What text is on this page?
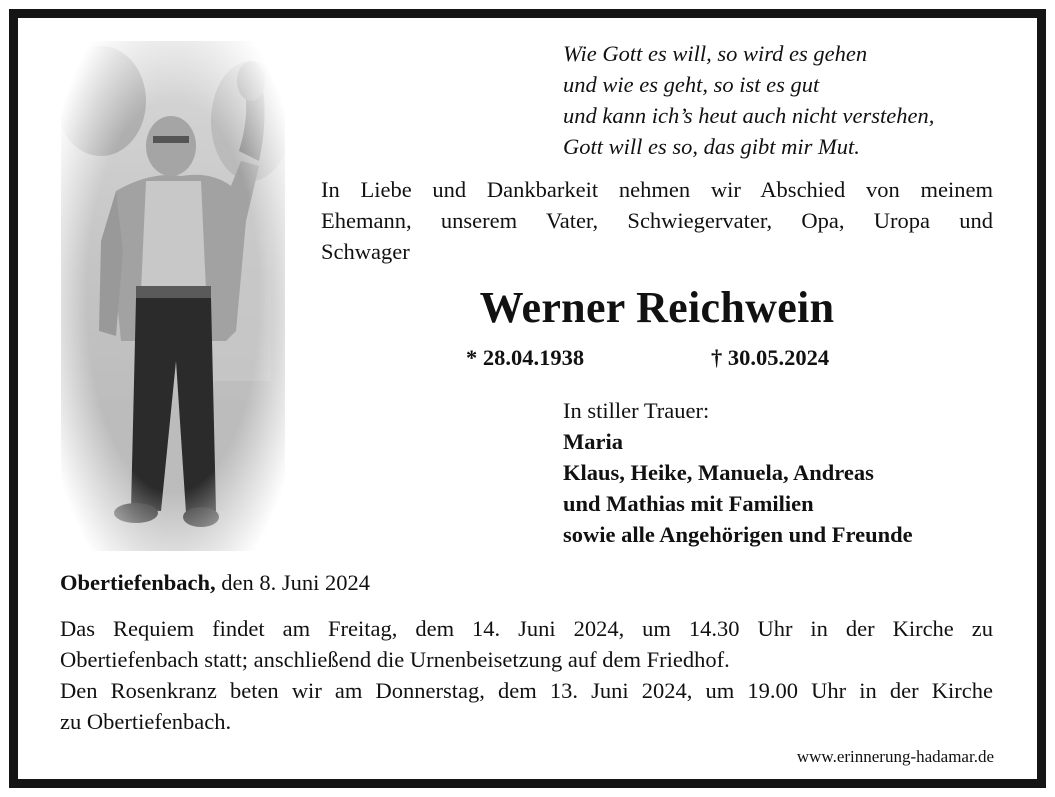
Wie Gott es will, so wird es gehen
und wie es geht, so ist es gut
und kann ich’s heut auch nicht verstehen,
Gott will es so, das gibt mir Mut.
In Liebe und Dankbarkeit nehmen wir Abschied von meinem
Ehemann, unserem Vater, Schwiegervater, Opa, Uropa und
Schwager
Werner Reichwein
* 28.04.1938	† 30.05.2024
In stiller Trauer:
Maria
Klaus, Heike, Manuela, Andreas
und Mathias mit Familien
sowie alle Angehörigen und Freunde
Obertiefenbach, den 8. Juni 2024
Das Requiem findet am Freitag, dem 14. Juni 2024, um 14.30 Uhr in der Kirche zu
Obertiefenbach statt; anschließend die Urnenbeisetzung auf dem Friedhof.
Den Rosenkranz beten wir am Donnerstag, dem 13. Juni 2024, um 19.00 Uhr in der Kirche
zu Obertiefenbach.
www.erinnerung-hadamar.de
